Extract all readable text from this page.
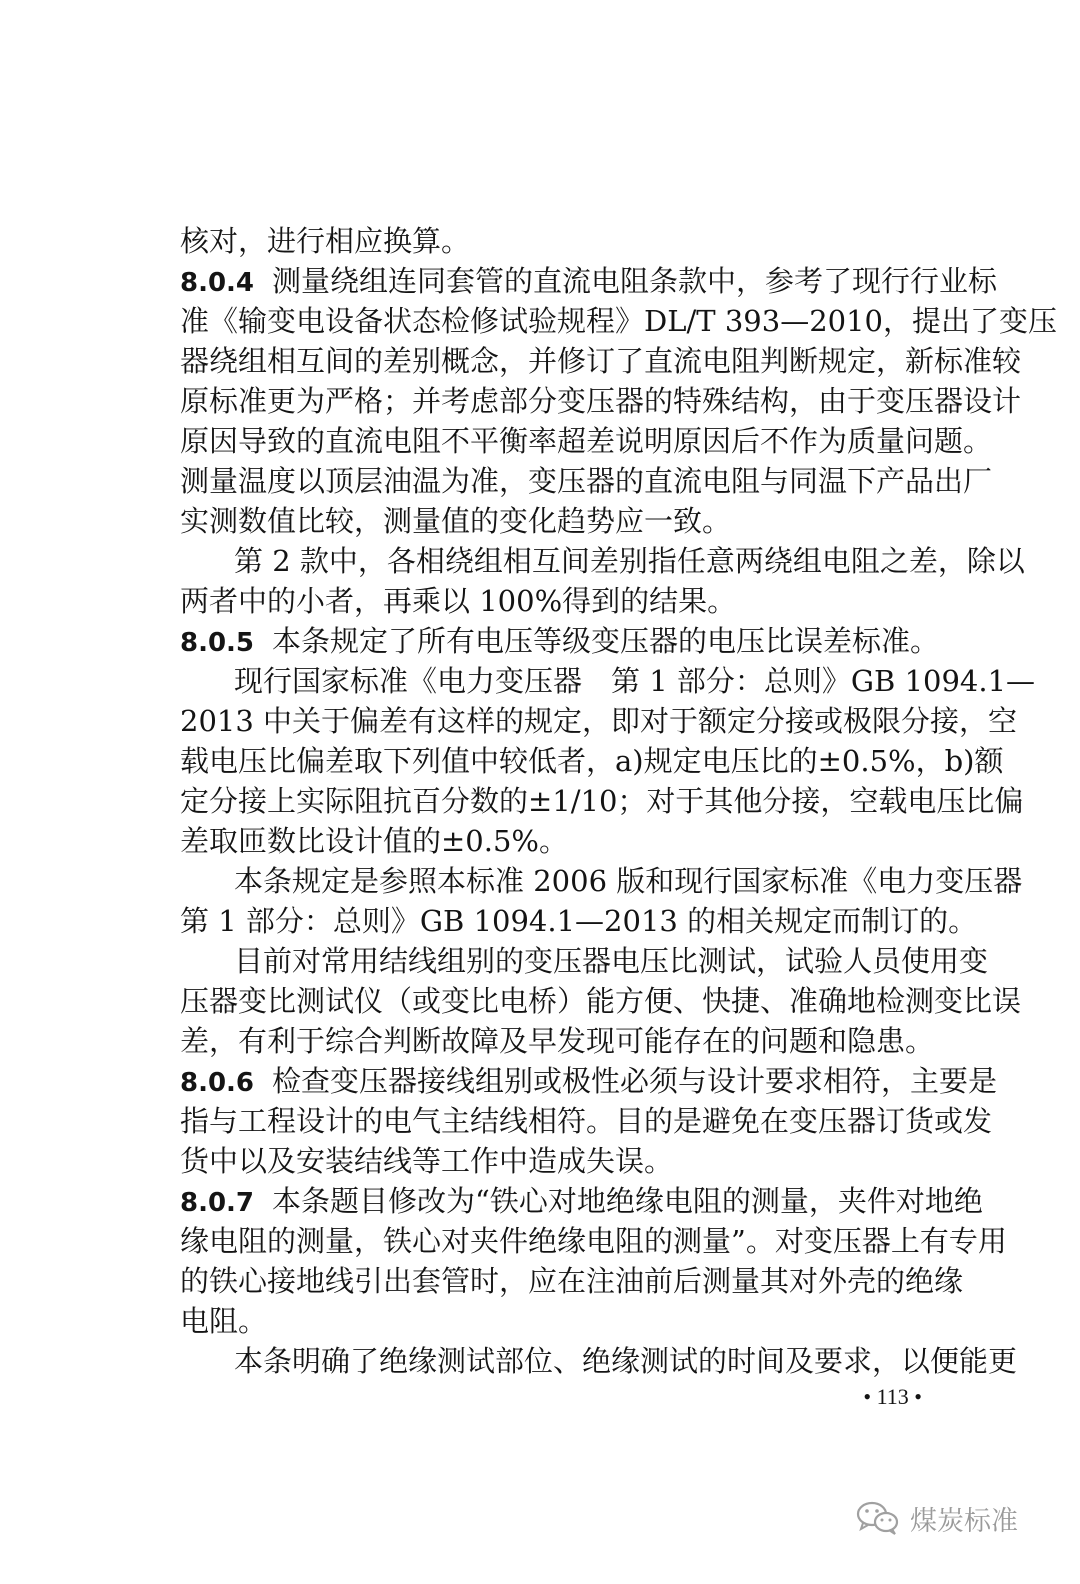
核对，进行相应换算。
8.0.4 测量绕组连同套管的直流电阻条款中，参考了现行行业标
准《输变电设备状态检修试验规程》DL/T 393—2010，提出了变压
器绕组相互间的差别概念，并修订了直流电阻判断规定，新标准较
原标准更为严格；并考虑部分变压器的特殊结构，由于变压器设计
原因导致的直流电阻不平衡率超差说明原因后不作为质量问题。
测量温度以顶层油温为准，变压器的直流电阻与同温下产品出厂
实测数值比较，测量值的变化趋势应一致。
第 2 款中，各相绕组相互间差别指任意两绕组电阻之差，除以
两者中的小者，再乘以 100%得到的结果。
8.0.5 本条规定了所有电压等级变压器的电压比误差标准。
现行国家标准《电力变压器　第 1 部分：总则》GB 1094.1—
2013 中关于偏差有这样的规定，即对于额定分接或极限分接，空
载电压比偏差取下列值中较低者，a)规定电压比的±0.5%，b)额
定分接上实际阻抗百分数的±1/10；对于其他分接，空载电压比偏
差取匝数比设计值的±0.5%。
本条规定是参照本标准 2006 版和现行国家标准《电力变压器
第 1 部分：总则》GB 1094.1—2013 的相关规定而制订的。
目前对常用结线组别的变压器电压比测试，试验人员使用变
压器变比测试仪（或变比电桥）能方便、快捷、准确地检测变比误
差，有利于综合判断故障及早发现可能存在的问题和隐患。
8.0.6 检查变压器接线组别或极性必须与设计要求相符，主要是
指与工程设计的电气主结线相符。目的是避免在变压器订货或发
货中以及安装结线等工作中造成失误。
8.0.7 本条题目修改为“铁心对地绝缘电阻的测量，夹件对地绝
缘电阻的测量，铁心对夹件绝缘电阻的测量”。对变压器上有专用
的铁心接地线引出套管时，应在注油前后测量其对外壳的绝缘
电阻。
本条明确了绝缘测试部位、绝缘测试的时间及要求，以便能更
• 113 •
煤炭标准
